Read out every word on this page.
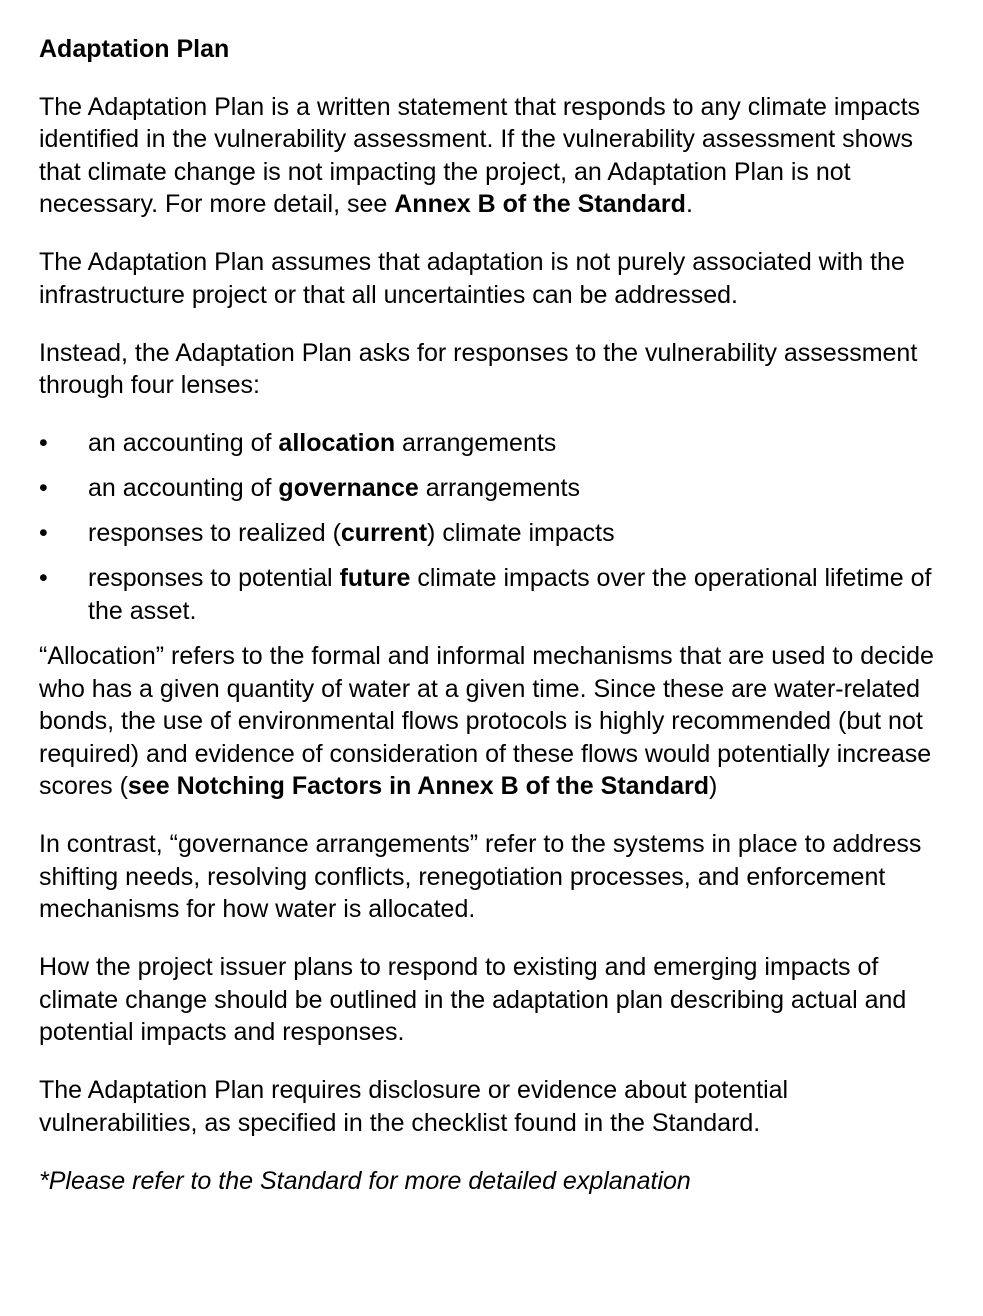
Adaptation Plan

The Adaptation Plan is a written statement that responds to any climate impacts identified in the vulnerability assessment. If the vulnerability assessment shows that climate change is not impacting the project, an Adaptation Plan is not necessary. For more detail, see Annex B of the Standard.

The Adaptation Plan assumes that adaptation is not purely associated with the infrastructure project or that all uncertainties can be addressed.

Instead, the Adaptation Plan asks for responses to the vulnerability assessment through four lenses:

• an accounting of allocation arrangements
• an accounting of governance arrangements
• responses to realized (current) climate impacts
• responses to potential future climate impacts over the operational lifetime of the asset.

“Allocation” refers to the formal and informal mechanisms that are used to decide who has a given quantity of water at a given time. Since these are water-related bonds, the use of environmental flows protocols is highly recommended (but not required) and evidence of consideration of these flows would potentially increase scores (see Notching Factors in Annex B of the Standard)

In contrast, “governance arrangements” refer to the systems in place to address shifting needs, resolving conflicts, renegotiation processes, and enforcement mechanisms for how water is allocated.

How the project issuer plans to respond to existing and emerging impacts of climate change should be outlined in the adaptation plan describing actual and potential impacts and responses.

The Adaptation Plan requires disclosure or evidence about potential vulnerabilities, as specified in the checklist found in the Standard.

*Please refer to the Standard for more detailed explanation
